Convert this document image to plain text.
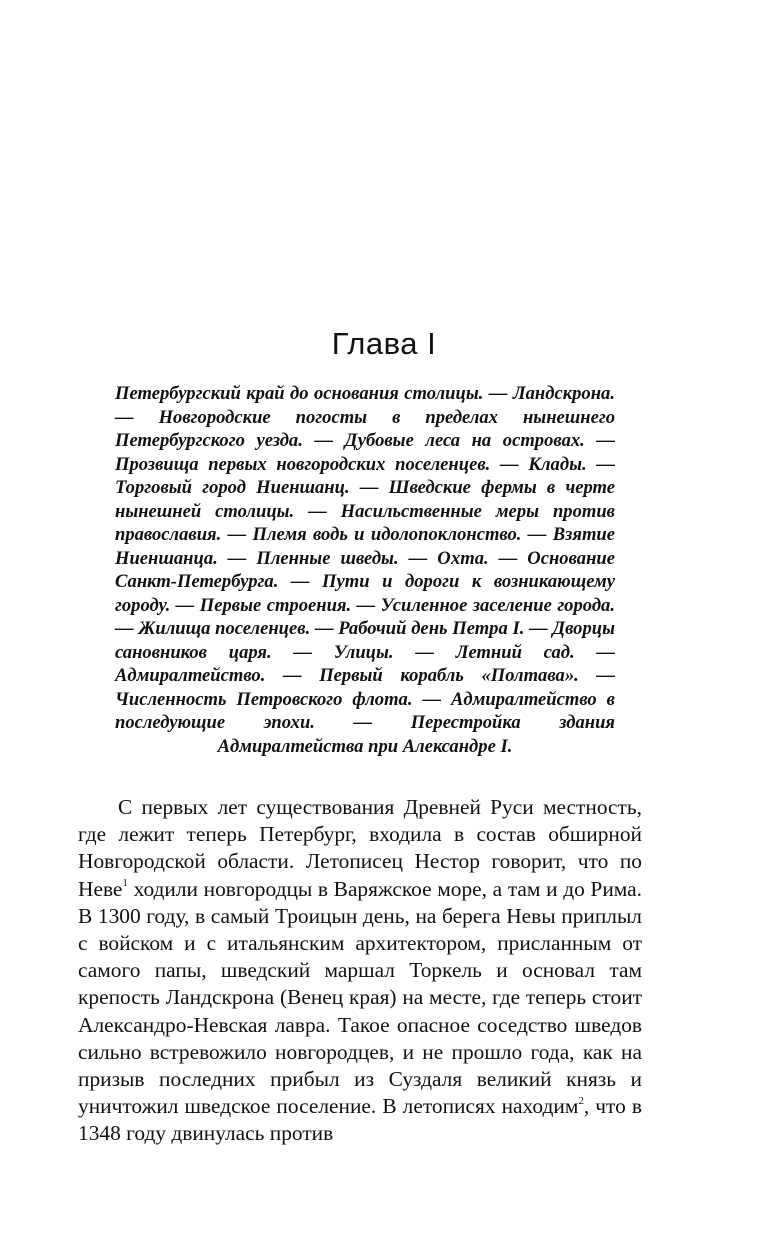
Глава I

Петербургский край до основания столицы. — Ландскрона. — Новгородские погосты в пределах нынешнего Петербургского уезда. — Дубовые леса на островах. — Прозвища первых новгородских поселенцев. — Клады. — Торговый город Ниеншанц. — Шведские фермы в черте нынешней столицы. — Насильственные меры против православия. — Племя водь и идолопоклонство. — Взятие Ниеншанца. — Пленные шведы. — Охта. — Основание Санкт-Петербурга. — Пути и дороги к возникающему городу. — Первые строения. — Усиленное заселение города. — Жилища поселенцев. — Рабочий день Петра I. — Дворцы сановников царя. — Улицы. — Летний сад. — Адмиралтейство. — Первый корабль «Полтава». — Численность Петровского флота. — Адмиралтейство в последующие эпохи. — Перестройка здания Адмиралтейства при Александре I.

С первых лет существования Древней Руси местность, где лежит теперь Петербург, входила в состав обширной Новгородской области. Летописец Нестор говорит, что по Неве$^1$ ходили новгородцы в Варяжское море, а там и до Рима. В 1300 году, в самый Троицын день, на берега Невы приплыл с войском и с итальянским архитектором, присланным от самого папы, шведский маршал Торкель и основал там крепость Ландскрона (Венец края) на месте, где теперь стоит Александро-Невская лавра. Такое опасное соседство шведов сильно встревожило новгородцев, и не прошло года, как на призыв последних прибыл из Суздаля великий князь и уничтожил шведское поселение. В летописях находим$^2$, что в 1348 году двинулась против
